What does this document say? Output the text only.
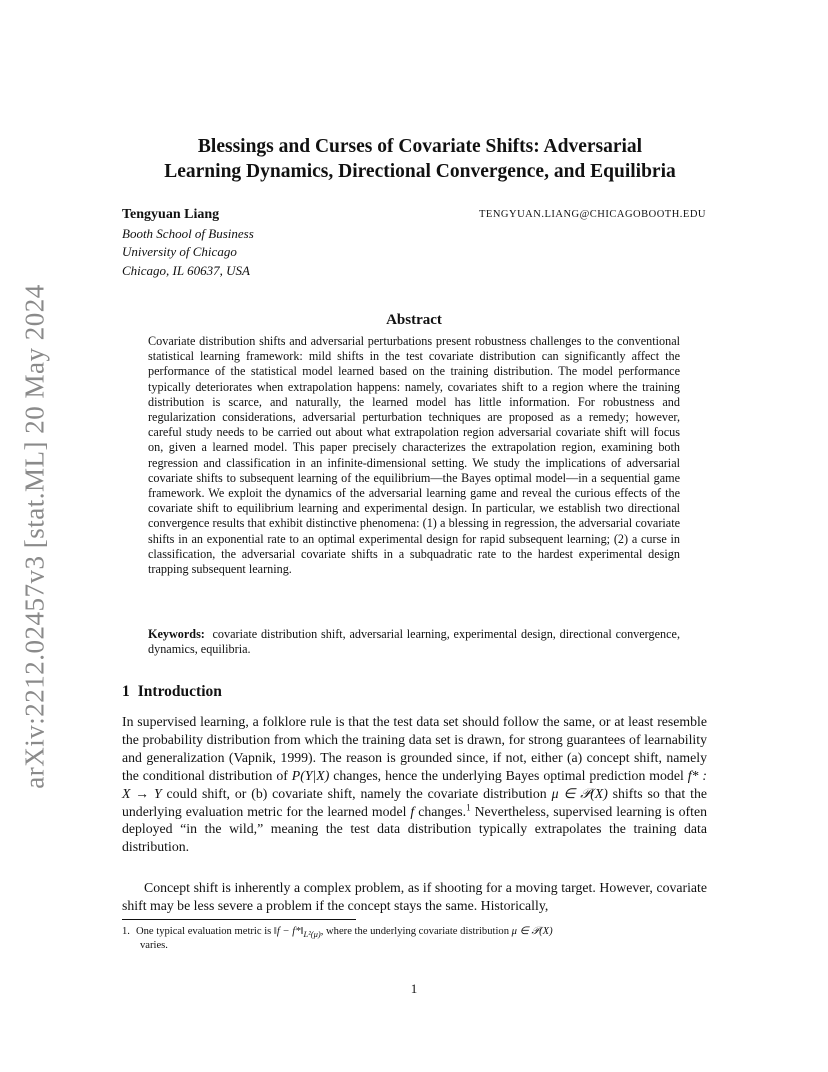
arXiv:2212.02457v3 [stat.ML] 20 May 2024
Blessings and Curses of Covariate Shifts: Adversarial
Learning Dynamics, Directional Convergence, and Equilibria
Tengyuan Liang
Booth School of Business
University of Chicago
Chicago, IL 60637, USA
TENGYUAN.LIANG@CHICAGOBOOTH.EDU
Abstract

Covariate distribution shifts and adversarial perturbations present robustness challenges to the conventional statistical learning framework: mild shifts in the test covariate distribution can significantly affect the performance of the statistical model learned based on the training distribution. The model performance typically deteriorates when extrapolation happens: namely, covariates shift to a region where the training distribution is scarce, and naturally, the learned model has little information. For robustness and regularization considerations, adversarial perturbation techniques are proposed as a remedy; however, careful study needs to be carried out about what extrapolation region adversarial covariate shift will focus on, given a learned model. This paper precisely characterizes the extrapolation region, examining both regression and classification in an infinite-dimensional setting. We study the implications of adversarial covariate shifts to subsequent learning of the equilibrium—the Bayes optimal model—in a sequential game framework. We exploit the dynamics of the adversarial learning game and reveal the curious effects of the covariate shift to equilibrium learning and experimental design. In particular, we establish two directional convergence results that exhibit distinctive phenomena: (1) a blessing in regression, the adversarial covariate shifts in an exponential rate to an optimal experimental design for rapid subsequent learning; (2) a curse in classification, the adversarial covariate shifts in a subquadratic rate to the hardest experimental design trapping subsequent learning.

Keywords: covariate distribution shift, adversarial learning, experimental design, directional convergence, dynamics, equilibria.

1 Introduction

In supervised learning, a folklore rule is that the test data set should follow the same, or at least resemble the probability distribution from which the training data set is drawn, for strong guarantees of learnability and generalization (Vapnik, 1999). The reason is grounded since, if not, either (a) concept shift, namely the conditional distribution of P(Y|X) changes, hence the underlying Bayes optimal prediction model f* : X → Y could shift, or (b) covariate shift, namely the covariate distribution μ ∈ 𝒫(X) shifts so that the underlying evaluation metric for the learned model f changes.$^1$ Nevertheless, supervised learning is often deployed “in the wild,” meaning the test data distribution typically extrapolates the training data distribution.

Concept shift is inherently a complex problem, as if shooting for a moving target. However, covariate shift may be less severe a problem if the concept stays the same. Historically,

1. One typical evaluation metric is ‖f − $f*‖_{L^2(\mu)}$, where the underlying covariate distribution μ ∈ 𝒫(X)
varies.

1
